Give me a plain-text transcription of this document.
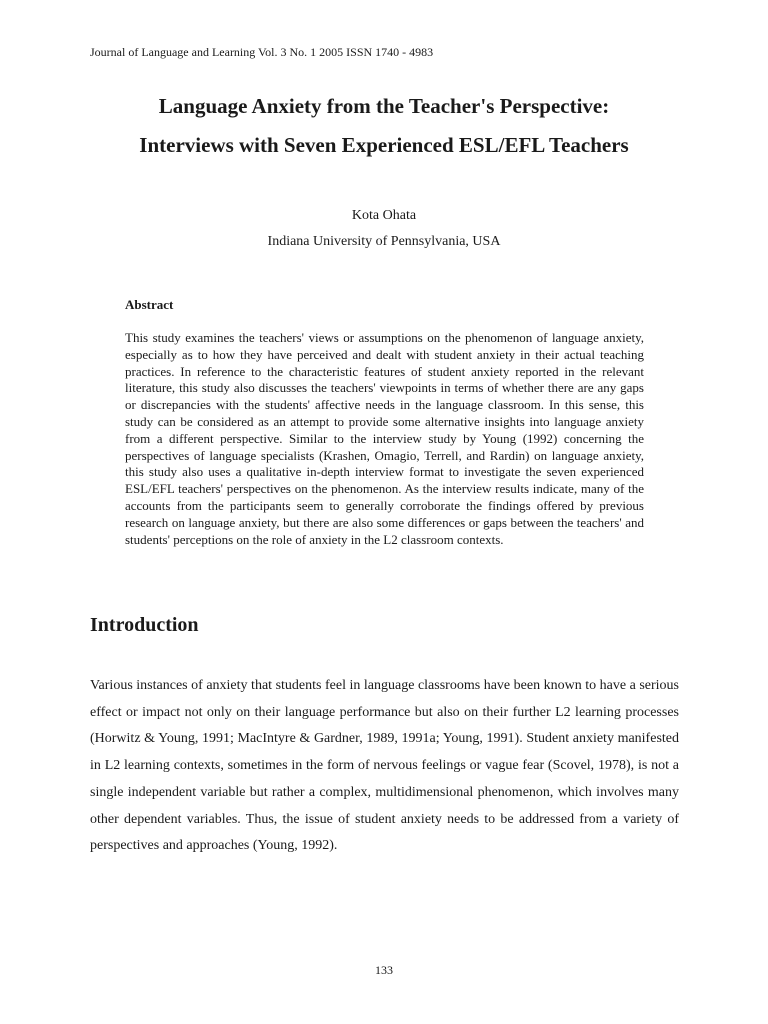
Journal of Language and Learning Vol. 3 No. 1 2005 ISSN 1740 - 4983
Language Anxiety from the Teacher's Perspective:
Interviews with Seven Experienced ESL/EFL Teachers
Kota Ohata
Indiana University of Pennsylvania, USA
Abstract
This study examines the teachers' views or assumptions on the phenomenon of language anxiety, especially as to how they have perceived and dealt with student anxiety in their actual teaching practices. In reference to the characteristic features of student anxiety reported in the relevant literature, this study also discusses the teachers' viewpoints in terms of whether there are any gaps or discrepancies with the students' affective needs in the language classroom. In this sense, this study can be considered as an attempt to provide some alternative insights into language anxiety from a different perspective. Similar to the interview study by Young (1992) concerning the perspectives of language specialists (Krashen, Omagio, Terrell, and Rardin) on language anxiety, this study also uses a qualitative in-depth interview format to investigate the seven experienced ESL/EFL teachers' perspectives on the phenomenon. As the interview results indicate, many of the accounts from the participants seem to generally corroborate the findings offered by previous research on language anxiety, but there are also some differences or gaps between the teachers' and students' perceptions on the role of anxiety in the L2 classroom contexts.
Introduction
Various instances of anxiety that students feel in language classrooms have been known to have a serious effect or impact not only on their language performance but also on their further L2 learning processes (Horwitz & Young, 1991; MacIntyre & Gardner, 1989, 1991a; Young, 1991). Student anxiety manifested in L2 learning contexts, sometimes in the form of nervous feelings or vague fear (Scovel, 1978), is not a single independent variable but rather a complex, multidimensional phenomenon, which involves many other dependent variables. Thus, the issue of student anxiety needs to be addressed from a variety of perspectives and approaches (Young, 1992).
133
